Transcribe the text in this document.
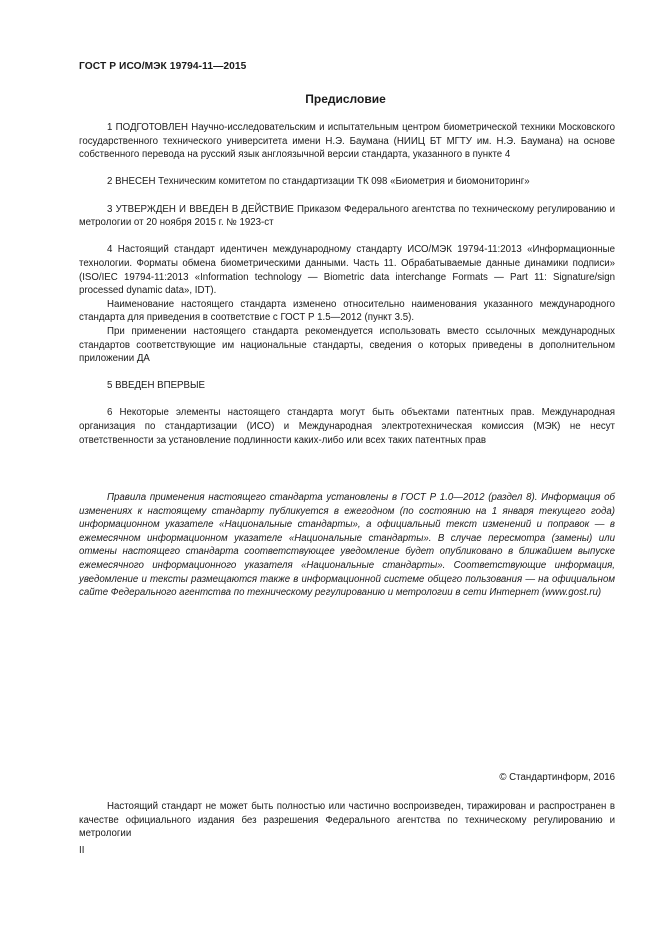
ГОСТ Р ИСО/МЭК 19794-11—2015
Предисловие

1 ПОДГОТОВЛЕН Научно-исследовательским и испытательным центром биометрической техники Московского государственного технического университета имени Н.Э. Баумана (НИИЦ БТ МГТУ им. Н.Э. Баумана) на основе собственного перевода на русский язык англоязычной версии стандарта, указанного в пункте 4

2 ВНЕСЕН Техническим комитетом по стандартизации ТК 098 «Биометрия и биомониторинг»

3 УТВЕРЖДЕН И ВВЕДЕН В ДЕЙСТВИЕ Приказом Федерального агентства по техническому регулированию и метрологии от 20 ноября 2015 г. № 1923-ст

4 Настоящий стандарт идентичен международному стандарту ИСО/МЭК 19794-11:2013 «Информационные технологии. Форматы обмена биометрическими данными. Часть 11. Обрабатываемые данные динамики подписи» (ISO/IEC 19794-11:2013 «Information technology — Biometric data interchange Formats — Part 11: Signature/sign processed dynamic data», IDT).

Наименование настоящего стандарта изменено относительно наименования указанного международного стандарта для приведения в соответствие с ГОСТ Р 1.5—2012 (пункт 3.5).

При применении настоящего стандарта рекомендуется использовать вместо ссылочных международных стандартов соответствующие им национальные стандарты, сведения о которых приведены в дополнительном приложении ДА

5 ВВЕДЕН ВПЕРВЫЕ

6 Некоторые элементы настоящего стандарта могут быть объектами патентных прав. Международная организация по стандартизации (ИСО) и Международная электротехническая комиссия (МЭК) не несут ответственности за установление подлинности каких-либо или всех таких патентных прав

Правила применения настоящего стандарта установлены в ГОСТ Р 1.0—2012 (раздел 8). Информация об изменениях к настоящему стандарту публикуется в ежегодном (по состоянию на 1 января текущего года) информационном указателе «Национальные стандарты», а официальный текст изменений и поправок — в ежемесячном информационном указателе «Национальные стандарты». В случае пересмотра (замены) или отмены настоящего стандарта соответствующее уведомление будет опубликовано в ближайшем выпуске ежемесячного информационного указателя «Национальные стандарты». Соответствующие информация, уведомление и тексты размещаются также в информационной системе общего пользования — на официальном сайте Федерального агентства по техническому регулированию и метрологии в сети Интернет (www.gost.ru)

© Стандартинформ, 2016

Настоящий стандарт не может быть полностью или частично воспроизведен, тиражирован и распространен в качестве официального издания без разрешения Федерального агентства по техническому регулированию и метрологии

II
